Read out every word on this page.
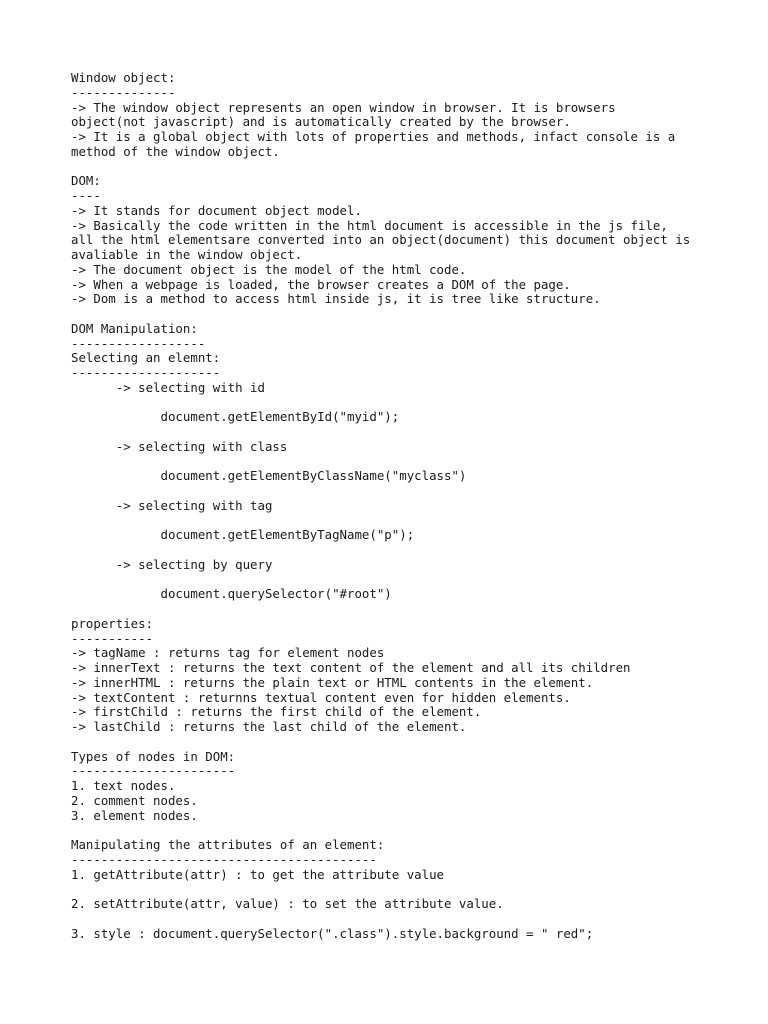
Window object:
--------------
-> The window object represents an open window in browser. It is browsers
object(not javascript) and is automatically created by the browser.
-> It is a global object with lots of properties and methods, infact console is a
method of the window object.
DOM:
----
-> It stands for document object model.
-> Basically the code written in the html document is accessible in the js file,
all the html elementsare converted into an object(document) this document object is
avaliable in the window object.
-> The document object is the model of the html code.
-> When a webpage is loaded, the browser creates a DOM of the page.
-> Dom is a method to access html inside js, it is tree like structure.
DOM Manipulation:
------------------
Selecting an elemnt:
--------------------
-> selecting with id
document.getElementById("myid");
-> selecting with class
document.getElementByClassName("myclass")
-> selecting with tag
document.getElementByTagName("p");
-> selecting by query
document.querySelector("#root")
properties:
-----------
-> tagName : returns tag for element nodes
-> innerText : returns the text content of the element and all its children
-> innerHTML : returns the plain text or HTML contents in the element.
-> textContent : returnns textual content even for hidden elements.
-> firstChild : returns the first child of the element.
-> lastChild : returns the last child of the element.
Types of nodes in DOM:
----------------------
1. text nodes.
2. comment nodes.
3. element nodes.
Manipulating the attributes of an element:
-----------------------------------------
1. getAttribute(attr) : to get the attribute value
2. setAttribute(attr, value) : to set the attribute value.
3. style : document.querySelector(".class").style.background = " red";
